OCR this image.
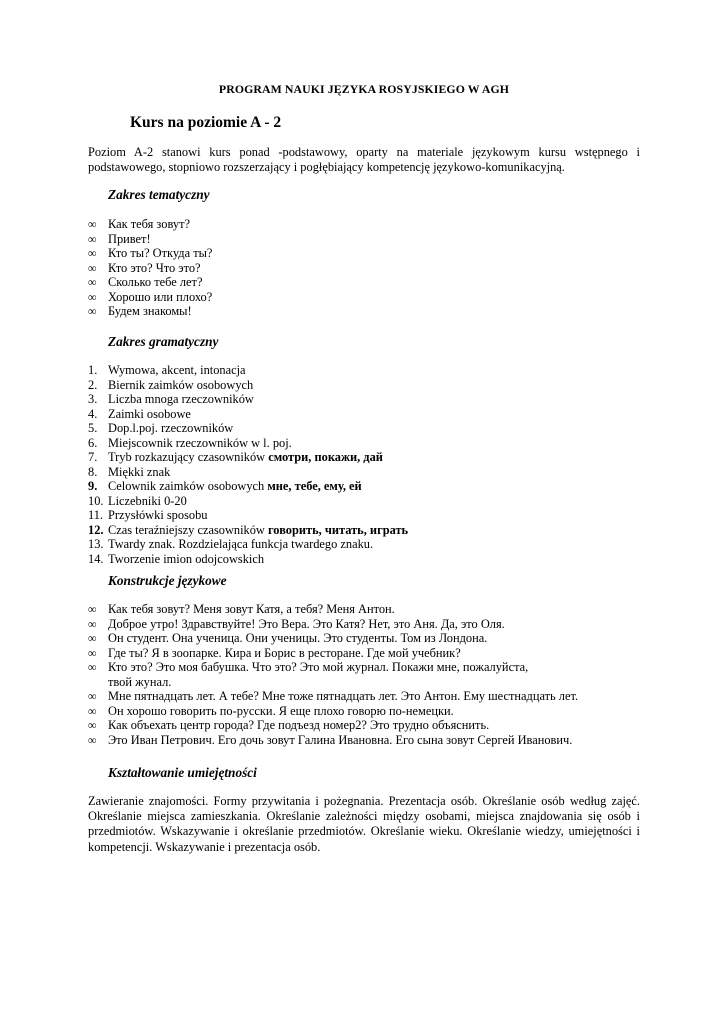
PROGRAM NAUKI JĘZYKA ROSYJSKIEGO W AGH
Kurs na poziomie A - 2
Poziom A-2 stanowi kurs ponad -podstawowy, oparty na materiale językowym kursu wstępnego i podstawowego, stopniowo rozszerzający i pogłębiający kompetencję językowo-komunikacyjną.
Zakres tematyczny
∞ Как тебя зовут?
∞ Привет!
∞ Кто ты? Откуда ты?
∞ Кто это? Что это?
∞ Сколько тебе лет?
∞ Хорошо или плохо?
∞ Будем знакомы!
Zakres gramatyczny
1. Wymowa, akcent, intonacja
2. Biernik zaimków osobowych
3. Liczba mnoga rzeczowników
4. Zaimki osobowe
5. Dop.l.poj. rzeczowników
6. Miejscownik rzeczowników w l. poj.
7. Tryb rozkazujący czasowników смотри, покажи, дай
8. Miękki znak
9. Celownik zaimków osobowych мне, тебе, ему, ей
10. Liczebniki 0-20
11. Przysłówki sposobu
12. Czas teraźniejszy czasowników говорить, читать, играть
13. Twardy znak. Rozdzielająca funkcja twardego znaku.
14. Tworzenie imion odojcowskich
Konstrukcje językowe
∞ Как тебя зовут? Меня зовут Катя, а тебя? Меня Антон.
∞ Доброе утро! Здравствуйте! Это Вера. Это Катя? Нет, это Аня. Да, это Оля.
∞ Он студент. Она ученица. Они ученицы. Это студенты. Том из Лондона.
∞ Где ты? Я в зоопарке. Кира и Борис в ресторане. Где мой учебник?
∞ Кто это? Это моя бабушка. Что это? Это мой журнал. Покажи мне, пожалуйста,
твой жунал.
∞ Мне пятнадцать лет. А тебе? Мне тоже пятнадцать лет. Это Антон. Ему шестнадцать лет.
∞ Он хорошо говорить по-русски. Я еще плохо говорю по-немецки.
∞ Как объехать центр города? Где подъезд номер2? Это трудно объяснить.
∞ Это Иван Петрович. Его дочь зовут Галина Ивановна. Его сына зовут Сергей Иванович.
Kształtowanie umiejętności
Zawieranie znajomości. Formy przywitania i pożegnania. Prezentacja osób. Określanie osób według zajęć. Określanie miejsca zamieszkania. Określanie zależności między osobami, miejsca znajdowania się osób i przedmiotów. Wskazywanie i określanie przedmiotów. Określanie wieku. Określanie wiedzy, umiejętności i kompetencji. Wskazywanie i prezentacja osób.
